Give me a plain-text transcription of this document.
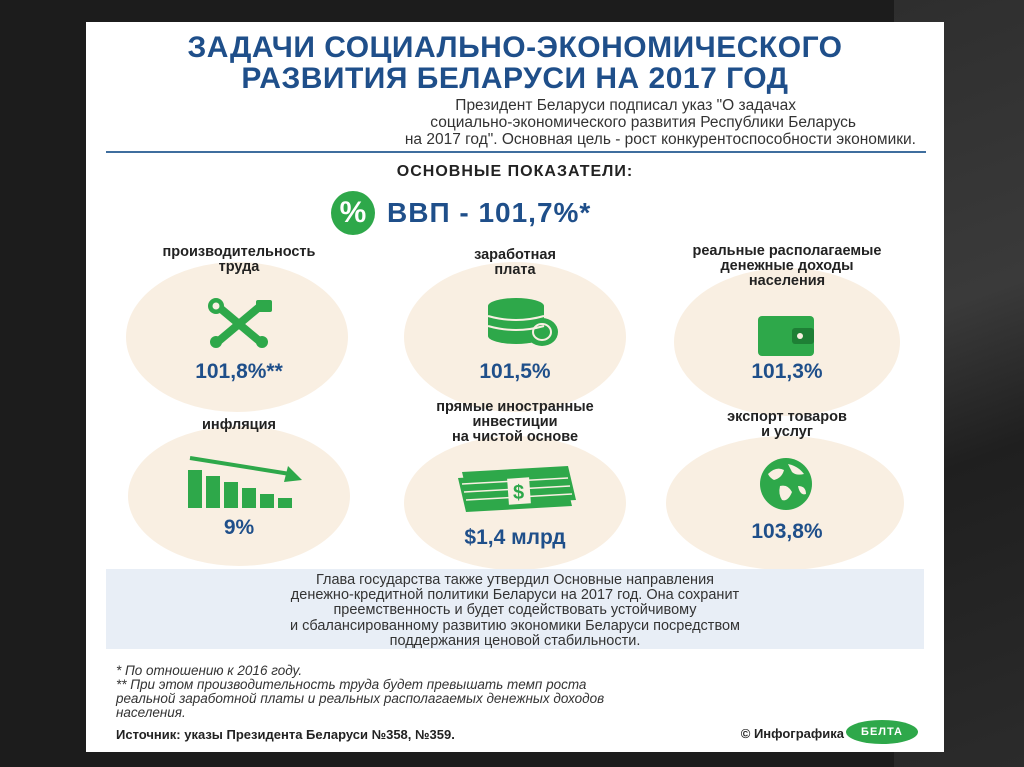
ЗАДАЧИ СОЦИАЛЬНО-ЭКОНОМИЧЕСКОГО
РАЗВИТИЯ БЕЛАРУСИ НА 2017 ГОД
Президент Беларуси подписал указ "О задачах
социально-экономического развития Республики Беларусь
на 2017 год". Основная цель - рост конкурентоспособности экономики.
ОСНОВНЫЕ ПОКАЗАТЕЛИ:
% ВВП - 101,7%*
производительность
труда
101,8%**
заработная
плата
101,5%
реальные располагаемые
денежные доходы
населения
101,3%
инфляция
9%
прямые иностранные
инвестиции
на чистой основе
$
$1,4 млрд
экспорт товаров
и услуг
103,8%
Глава государства также утвердил Основные направления
денежно-кредитной политики Беларуси на 2017 год. Она сохранит
преемственность и будет содействовать устойчивому
и сбалансированному развитию экономики Беларуси посредством
поддержания ценовой стабильности.
* По отношению к 2016 году.
** При этом производительность труда будет превышать темп роста
реальной заработной платы и реальных располагаемых денежных доходов
населения.
Источник: указы Президента Беларуси №358, №359.	© Инфографика	БЕЛТА
